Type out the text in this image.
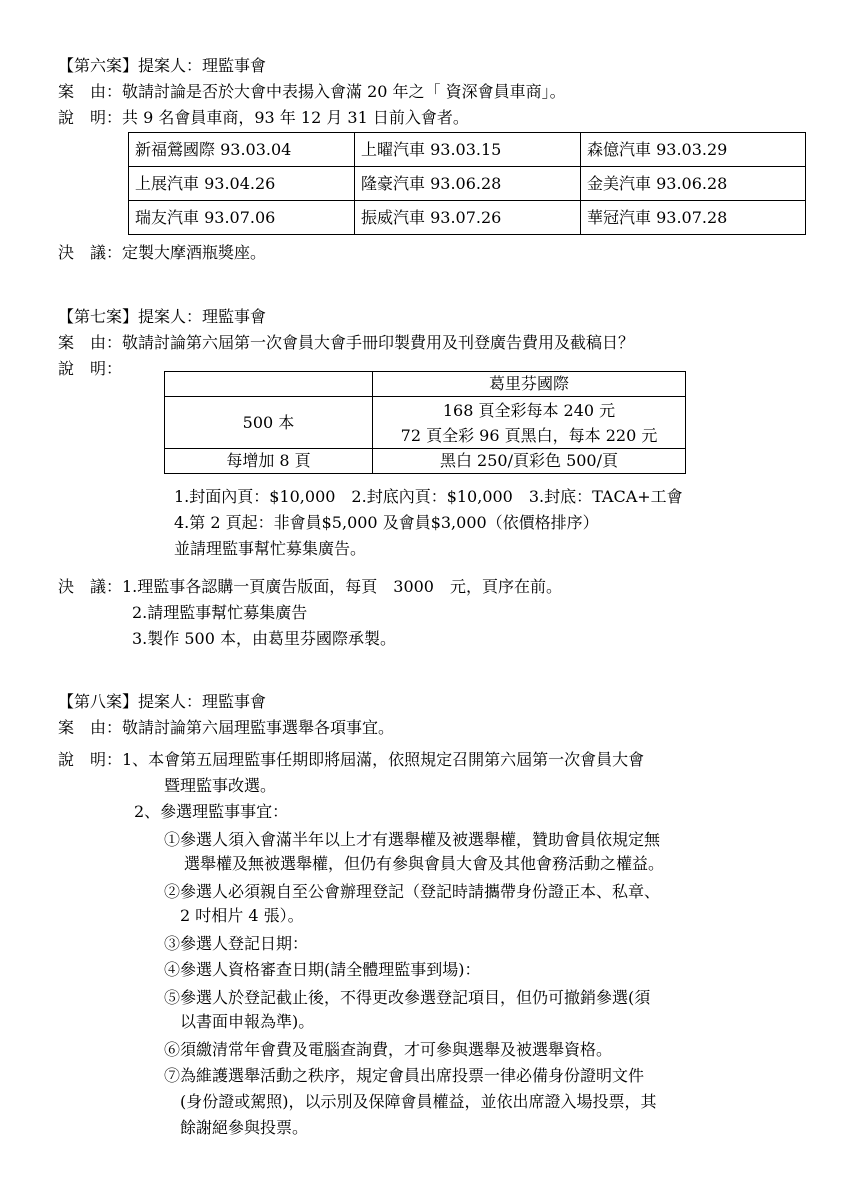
【第六案】提案人：理監事會
案　由： 敬請討論是否於大會中表揚入會滿 20 年之「 資深會員車商」。
說　明： 共 9 名會員車商，93 年 12 月 31 日前入會者。
新福鶯國際 93.03.04	上曜汽車 93.03.15	森億汽車 93.03.29
上展汽車 93.04.26	隆豪汽車 93.06.28	金美汽車 93.06.28
瑞友汽車 93.07.06	振威汽車 93.07.26	華冠汽車 93.07.28
決　議： 定製大摩酒瓶獎座。
【第七案】提案人：理監事會
案　由： 敬請討論第六屆第一次會員大會手冊印製費用及刊登廣告費用及截稿日？
說　明：
	葛里芬國際
500 本	168 頁全彩每本 240 元
72 頁全彩 96 頁黑白，每本 220 元

每增加 8 頁	黑白 250/頁彩色 500/頁
1.封面內頁：$10,000　2.封底內頁：$10,000　3.封底：TACA+工會
4.第 2 頁起：非會員$5,000 及會員$3,000（依價格排序）
並請理監事幫忙募集廣告。
決　議： 1.理監事各認購一頁廣告版面，每頁　3000　元，頁序在前。
2.請理監事幫忙募集廣告
3.製作 500 本，由葛里芬國際承製。
【第八案】提案人：理監事會
案　由： 敬請討論第六屆理監事選舉各項事宜。
說　明： 1、本會第五屆理監事任期即將屆滿，依照規定召開第六屆第一次會員大會
暨理監事改選。
2、參選理監事事宜：
①參選人須入會滿半年以上才有選舉權及被選舉權，贊助會員依規定無
選舉權及無被選舉權，但仍有參與會員大會及其他會務活動之權益。
②參選人必須親自至公會辦理登記（登記時請攜帶身份證正本、私章、
2 吋相片 4 張）。
③參選人登記日期：
④參選人資格審查日期(請全體理監事到場)：
⑤參選人於登記截止後，不得更改參選登記項目，但仍可撤銷參選(須
以書面申報為準)。
⑥須繳清常年會費及電腦查詢費，才可參與選舉及被選舉資格。
⑦為維護選舉活動之秩序，規定會員出席投票一律必備身份證明文件
(身份證或駕照)，以示別及保障會員權益，並依出席證入場投票，其
餘謝絕參與投票。
